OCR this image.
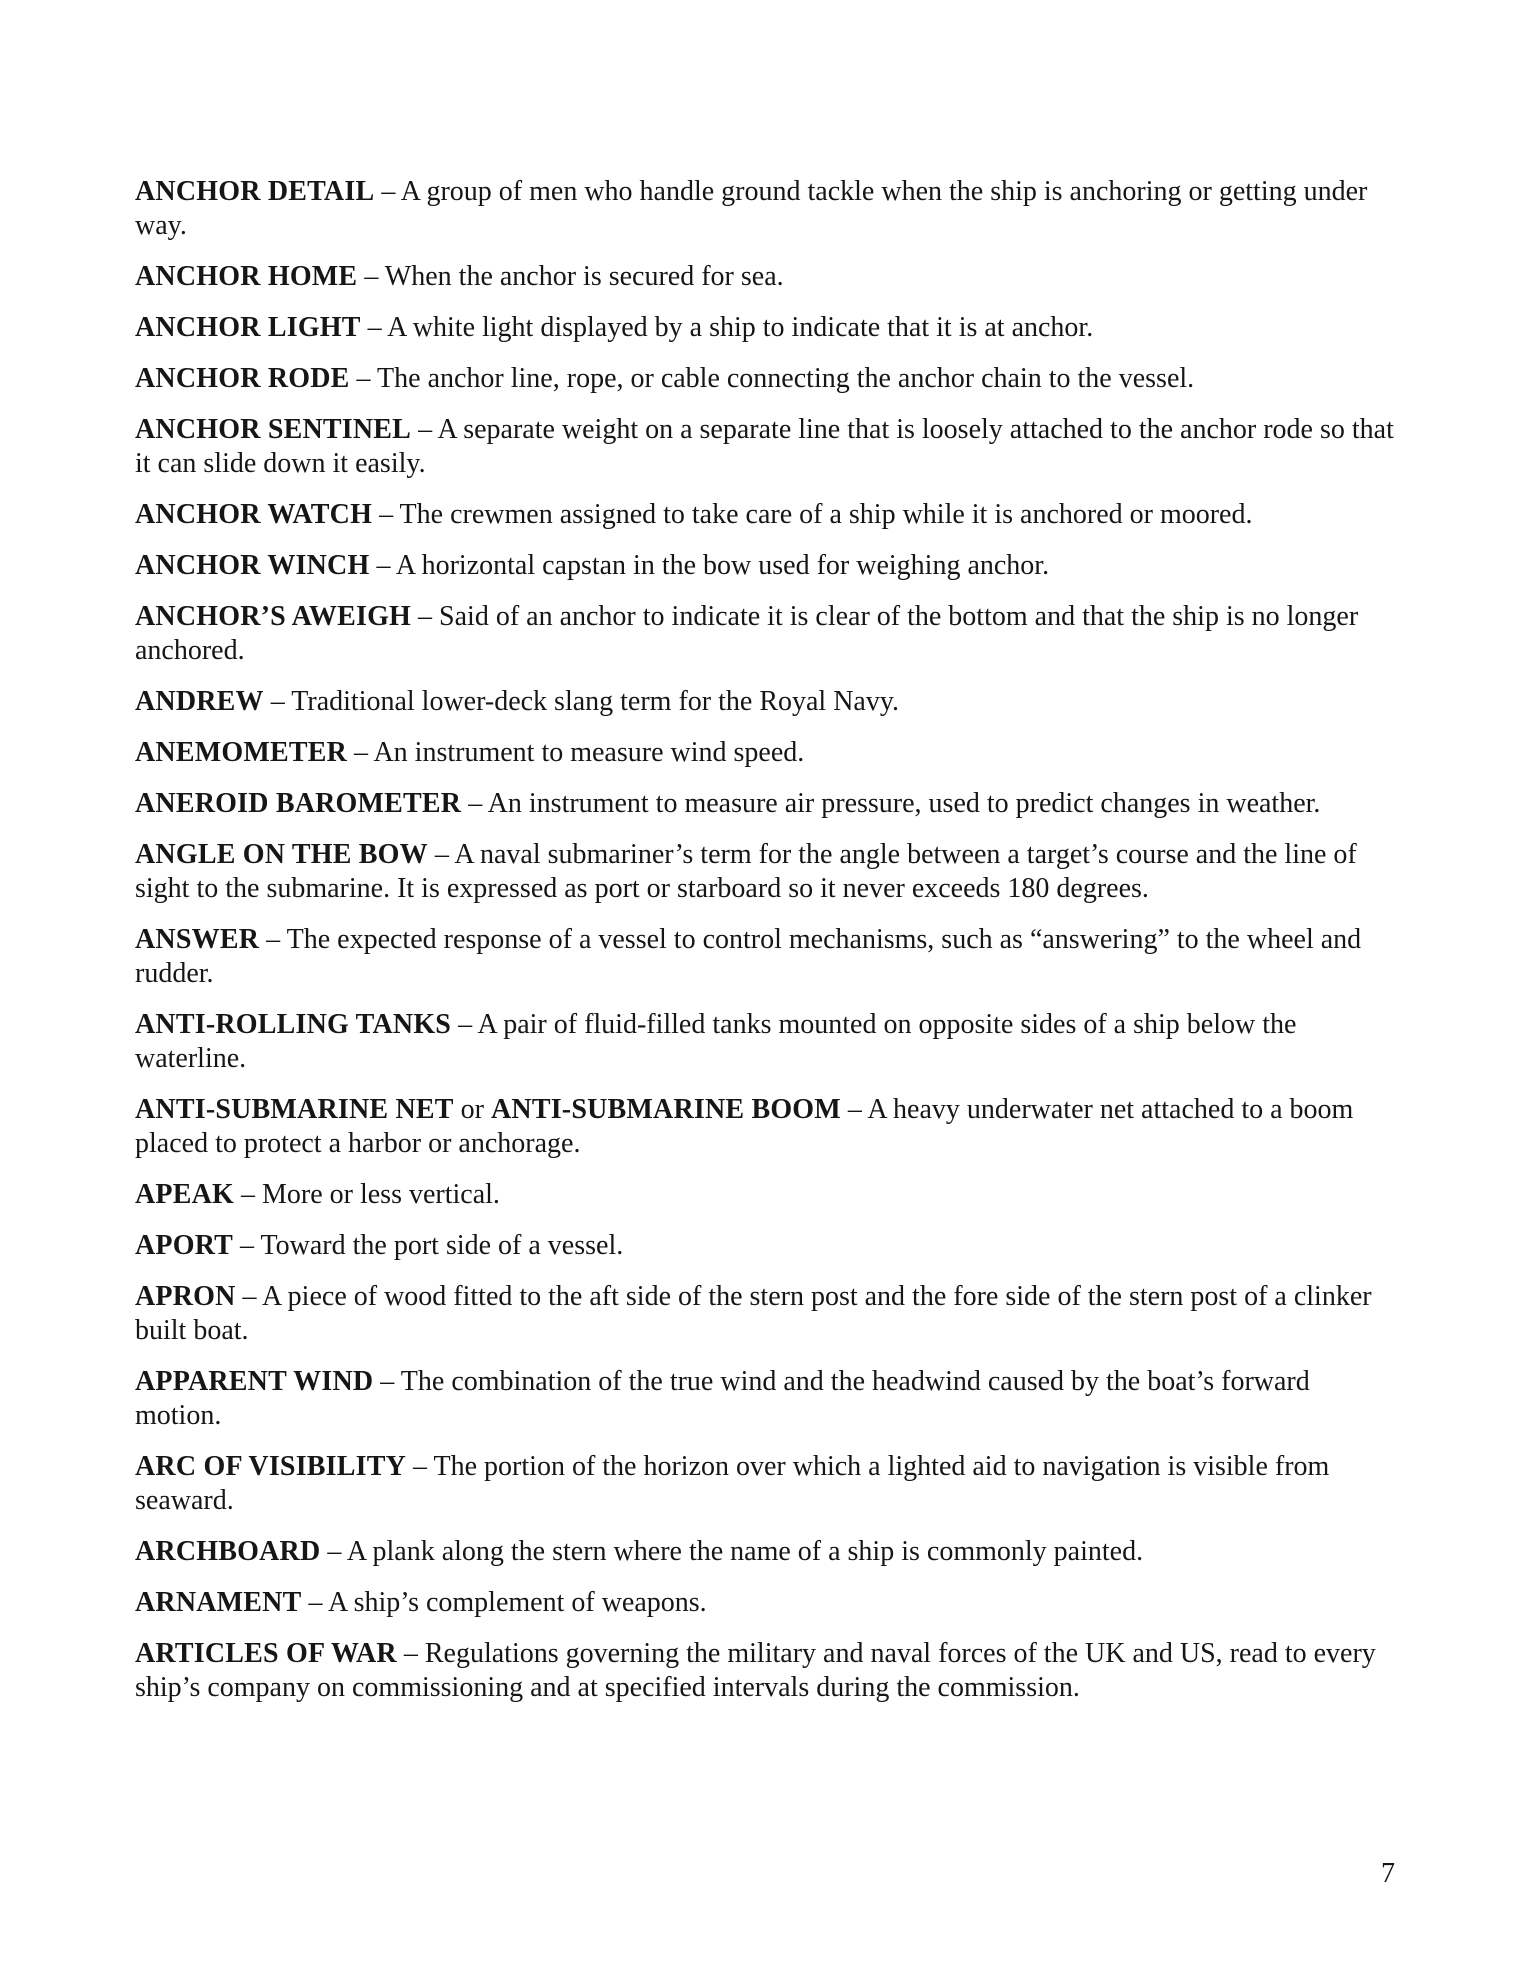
ANCHOR DETAIL – A group of men who handle ground tackle when the ship is anchoring or getting under way.

ANCHOR HOME – When the anchor is secured for sea.

ANCHOR LIGHT – A white light displayed by a ship to indicate that it is at anchor.

ANCHOR RODE – The anchor line, rope, or cable connecting the anchor chain to the vessel.

ANCHOR SENTINEL – A separate weight on a separate line that is loosely attached to the anchor rode so that it can slide down it easily.

ANCHOR WATCH – The crewmen assigned to take care of a ship while it is anchored or moored.

ANCHOR WINCH – A horizontal capstan in the bow used for weighing anchor.

ANCHOR’S AWEIGH – Said of an anchor to indicate it is clear of the bottom and that the ship is no longer anchored.

ANDREW – Traditional lower-deck slang term for the Royal Navy.

ANEMOMETER – An instrument to measure wind speed.

ANEROID BAROMETER – An instrument to measure air pressure, used to predict changes in weather.

ANGLE ON THE BOW – A naval submariner’s term for the angle between a target’s course and the line of sight to the submarine. It is expressed as port or starboard so it never exceeds 180 degrees.

ANSWER – The expected response of a vessel to control mechanisms, such as “answering” to the wheel and rudder.

ANTI-ROLLING TANKS – A pair of fluid-filled tanks mounted on opposite sides of a ship below the waterline.

ANTI-SUBMARINE NET or ANTI-SUBMARINE BOOM – A heavy underwater net attached to a boom placed to protect a harbor or anchorage.

APEAK – More or less vertical.

APORT – Toward the port side of a vessel.

APRON – A piece of wood fitted to the aft side of the stern post and the fore side of the stern post of a clinker built boat.

APPARENT WIND – The combination of the true wind and the headwind caused by the boat’s forward motion.

ARC OF VISIBILITY – The portion of the horizon over which a lighted aid to navigation is visible from seaward.

ARCHBOARD – A plank along the stern where the name of a ship is commonly painted.

ARNAMENT – A ship’s complement of weapons.

ARTICLES OF WAR – Regulations governing the military and naval forces of the UK and US, read to every ship’s company on commissioning and at specified intervals during the commission.

7
